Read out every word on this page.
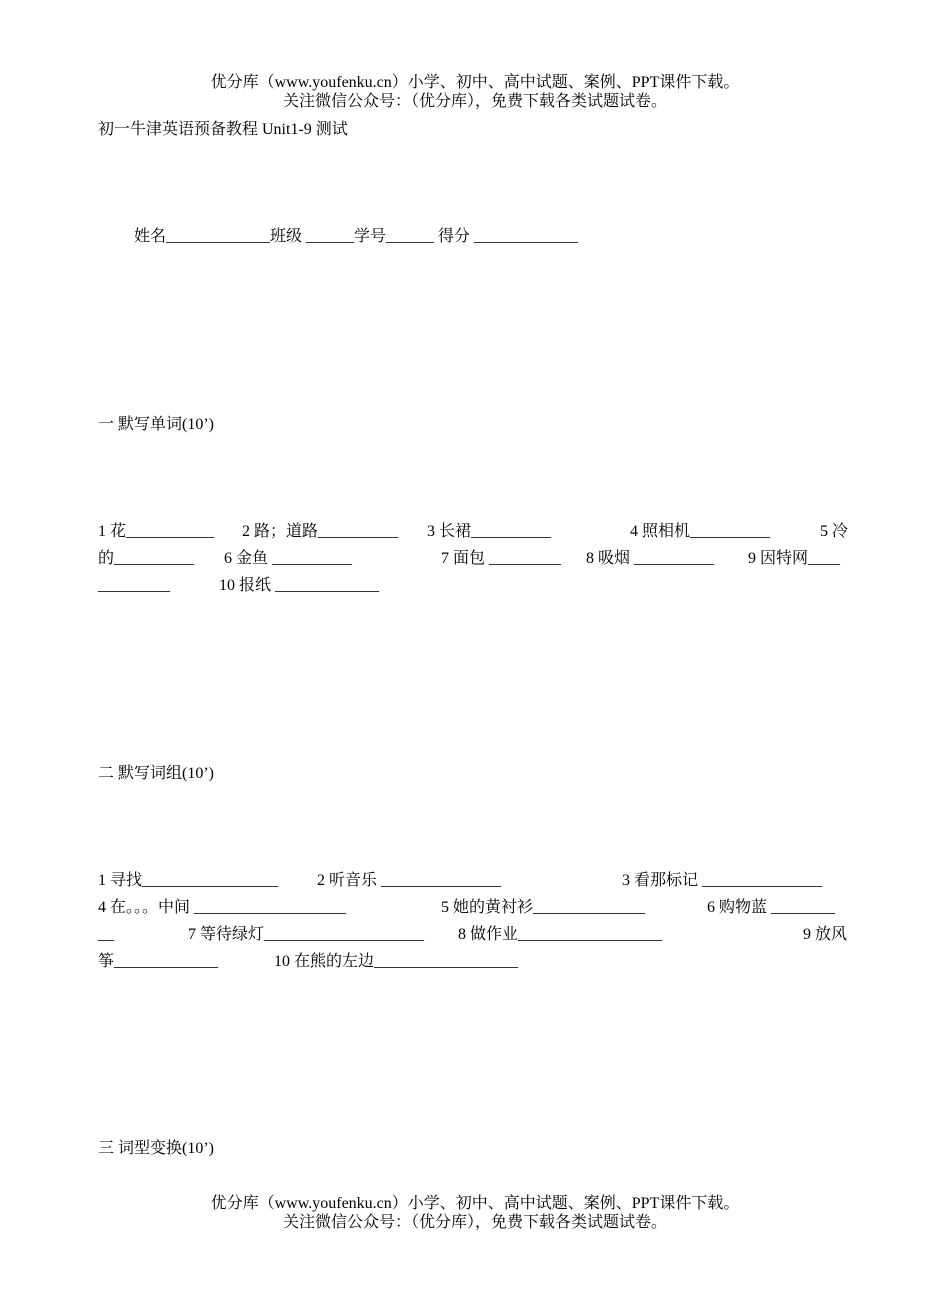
优分库（www.youfenku.cn）小学、初中、高中试题、案例、PPT课件下载。
关注微信公众号：（优分库），免费下载各类试题试卷。
初一牛津英语预备教程 Unit1-9 测试
姓名_____________班级 ______学号______ 得分 _____________
一 默写单词(10’)
1 花___________ 2 路；道路__________ 3 长裙__________	4 照相机__________	5 冷
的__________ 6 金鱼 __________	7 面包 _________ 8 吸烟 __________ 9 因特网____
_________	10 报纸 _____________
二 默写词组(10’)
1 寻找_________________ 2 听音乐 _______________	3 看那标记 _______________
4 在。。。中间 ___________________	5 她的黄衬衫______________	6 购物蓝 ________
__	7 等待绿灯____________________ 8 做作业__________________	9 放风
筝_____________	10 在熊的左边__________________
三 词型变换(10’)
优分库（www.youfenku.cn）小学、初中、高中试题、案例、PPT课件下载。
关注微信公众号：（优分库），免费下载各类试题试卷。
